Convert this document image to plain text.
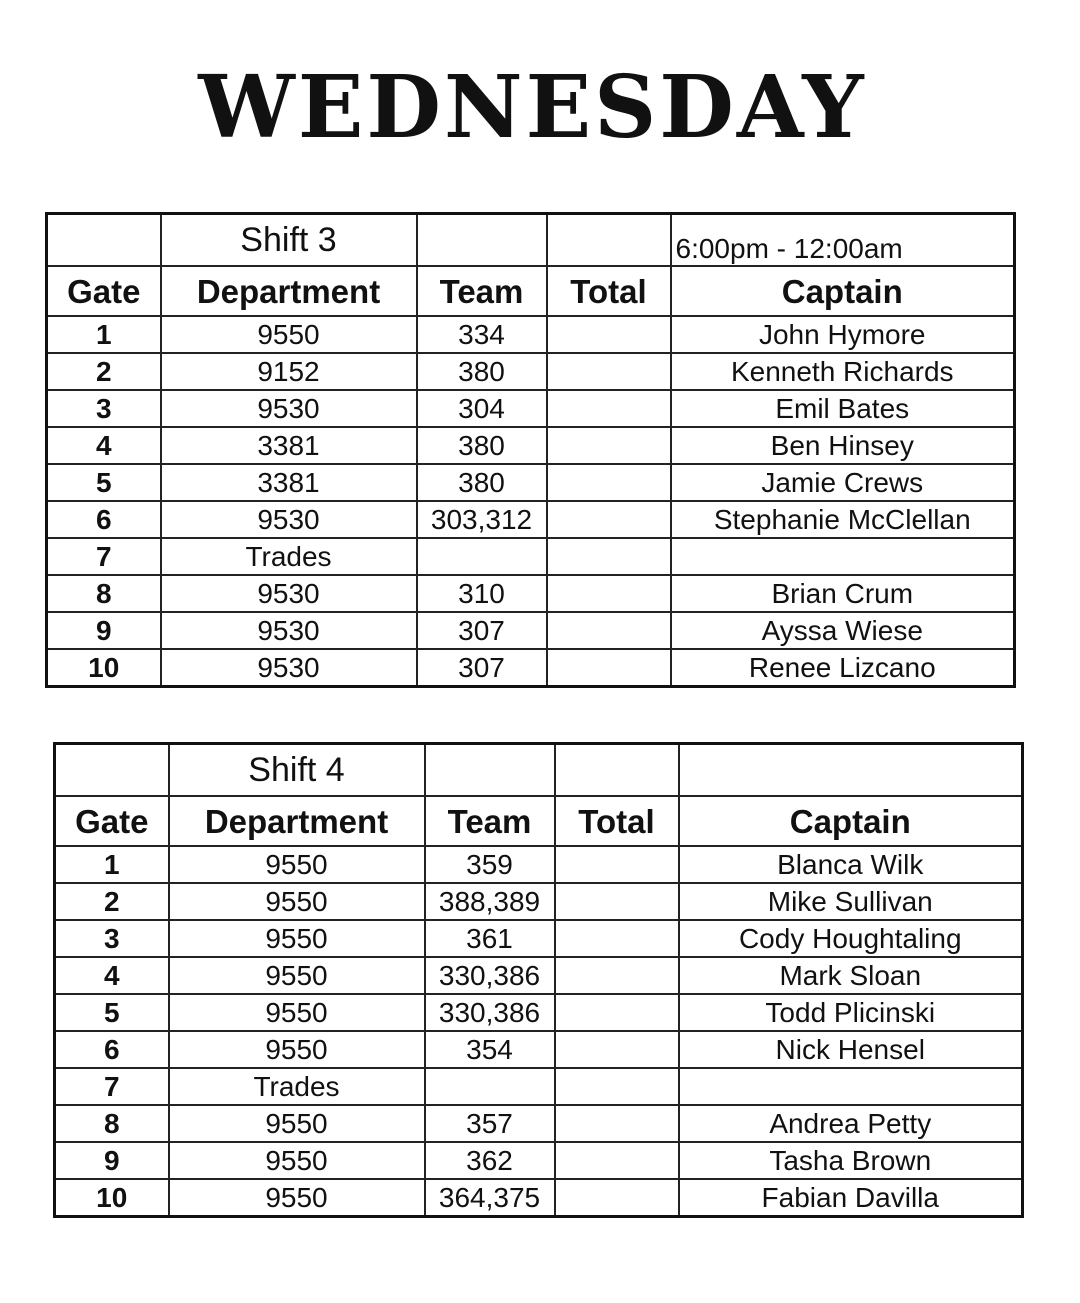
WEDNESDAY
	Shift 3			6:00pm - 12:00am
Gate	Department	Team	Total	Captain
1	9550	334		John Hymore
2	9152	380		Kenneth Richards
3	9530	304		Emil Bates
4	3381	380		Ben Hinsey
5	3381	380		Jamie Crews
6	9530	303,312		Stephanie McClellan
7	Trades			
8	9530	310		Brian Crum
9	9530	307		Ayssa Wiese
10	9530	307		Renee Lizcano
	Shift 4			
Gate	Department	Team	Total	Captain
1	9550	359		Blanca Wilk
2	9550	388,389		Mike Sullivan
3	9550	361		Cody Houghtaling
4	9550	330,386		Mark Sloan
5	9550	330,386		Todd Plicinski
6	9550	354		Nick Hensel
7	Trades			
8	9550	357		Andrea Petty
9	9550	362		Tasha Brown
10	9550	364,375		Fabian Davilla
